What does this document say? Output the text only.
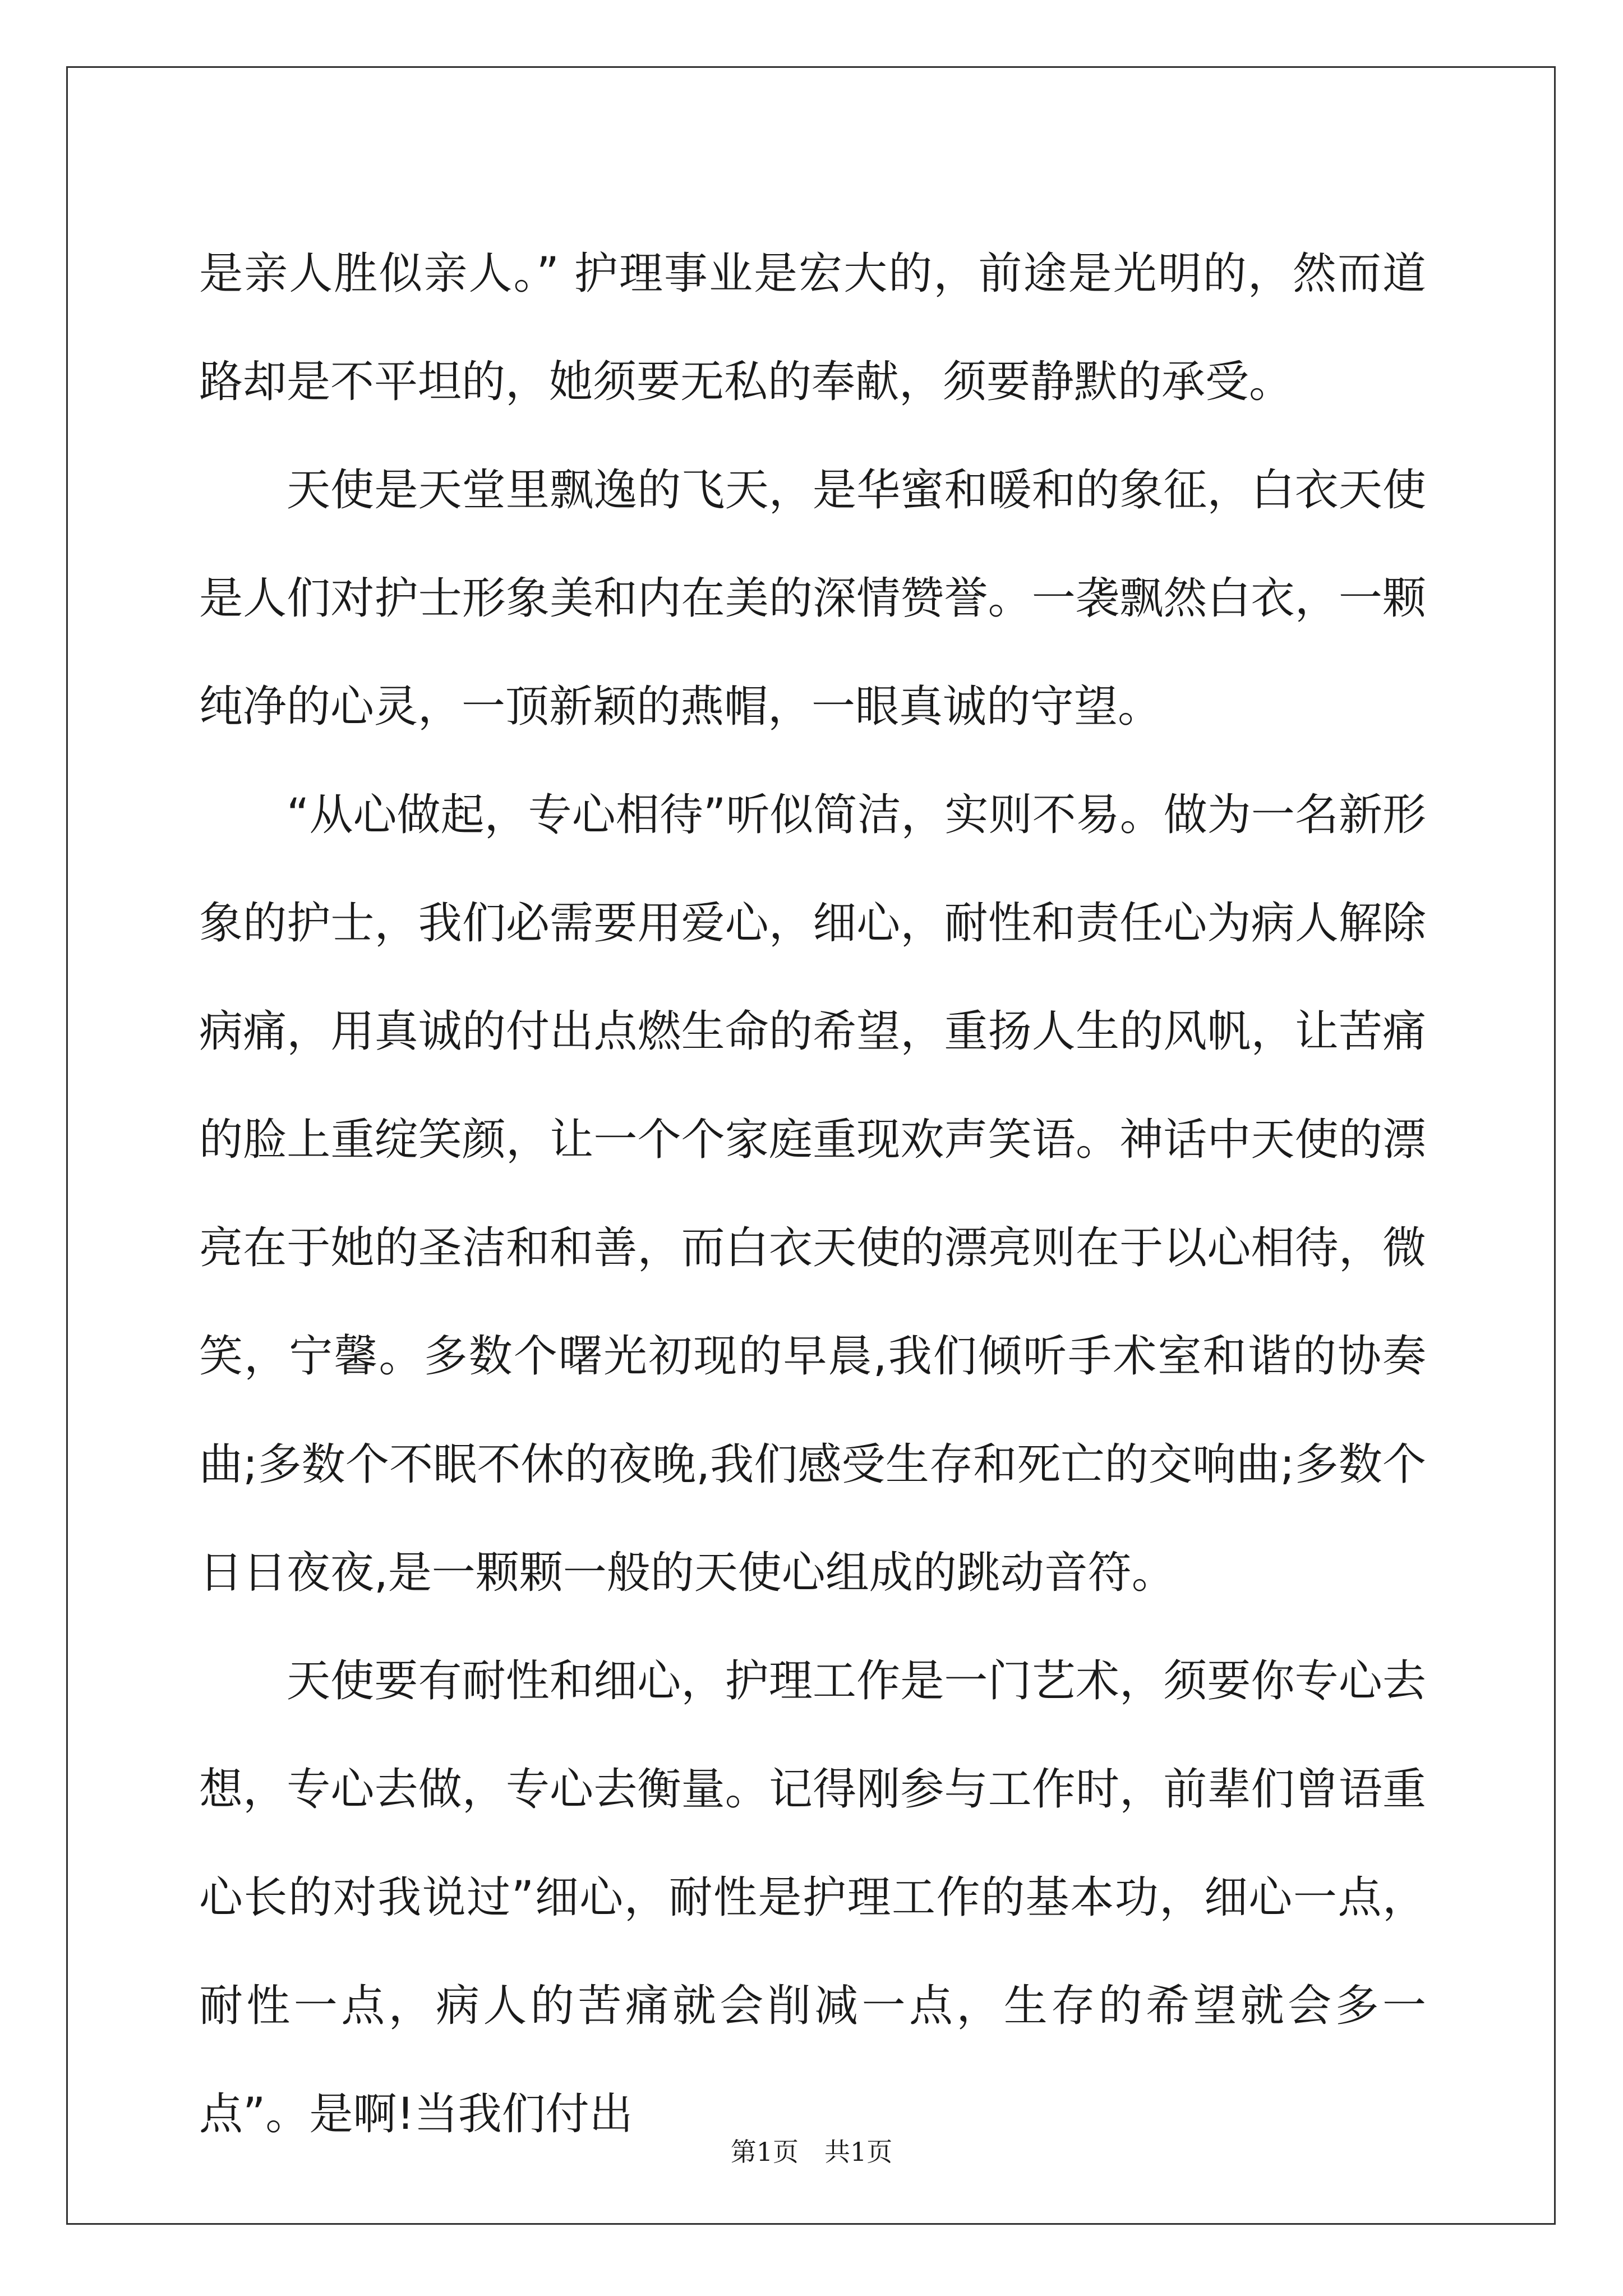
是亲人胜似亲人。” 护理事业是宏大的，前途是光明的，然而道路却是不平坦的，她须要无私的奉献，须要静默的承受。

天使是天堂里飘逸的飞天，是华蜜和暖和的象征，白衣天使是人们对护士形象美和内在美的深情赞誉。一袭飘然白衣，一颗纯净的心灵，一顶新颖的燕帽，一眼真诚的守望。

“从心做起，专心相待”听似简洁，实则不易。做为一名新形象的护士，我们必需要用爱心，细心，耐性和责任心为病人解除病痛，用真诚的付出点燃生命的希望，重扬人生的风帆，让苦痛的脸上重绽笑颜，让一个个家庭重现欢声笑语。神话中天使的漂亮在于她的圣洁和和善，而白衣天使的漂亮则在于以心相待，微笑，宁馨。多数个曙光初现的早晨,我们倾听手术室和谐的协奏曲;多数个不眠不休的夜晚,我们感受生存和死亡的交响曲;多数个日日夜夜,是一颗颗一般的天使心组成的跳动音符。

天使要有耐性和细心，护理工作是一门艺术，须要你专心去想，专心去做，专心去衡量。记得刚参与工作时，前辈们曾语重心长的对我说过”细心，耐性是护理工作的基本功，细心一点，耐性一点，病人的苦痛就会削减一点，生存的希望就会多一点”。是啊!当我们付出

第1页　共1页
